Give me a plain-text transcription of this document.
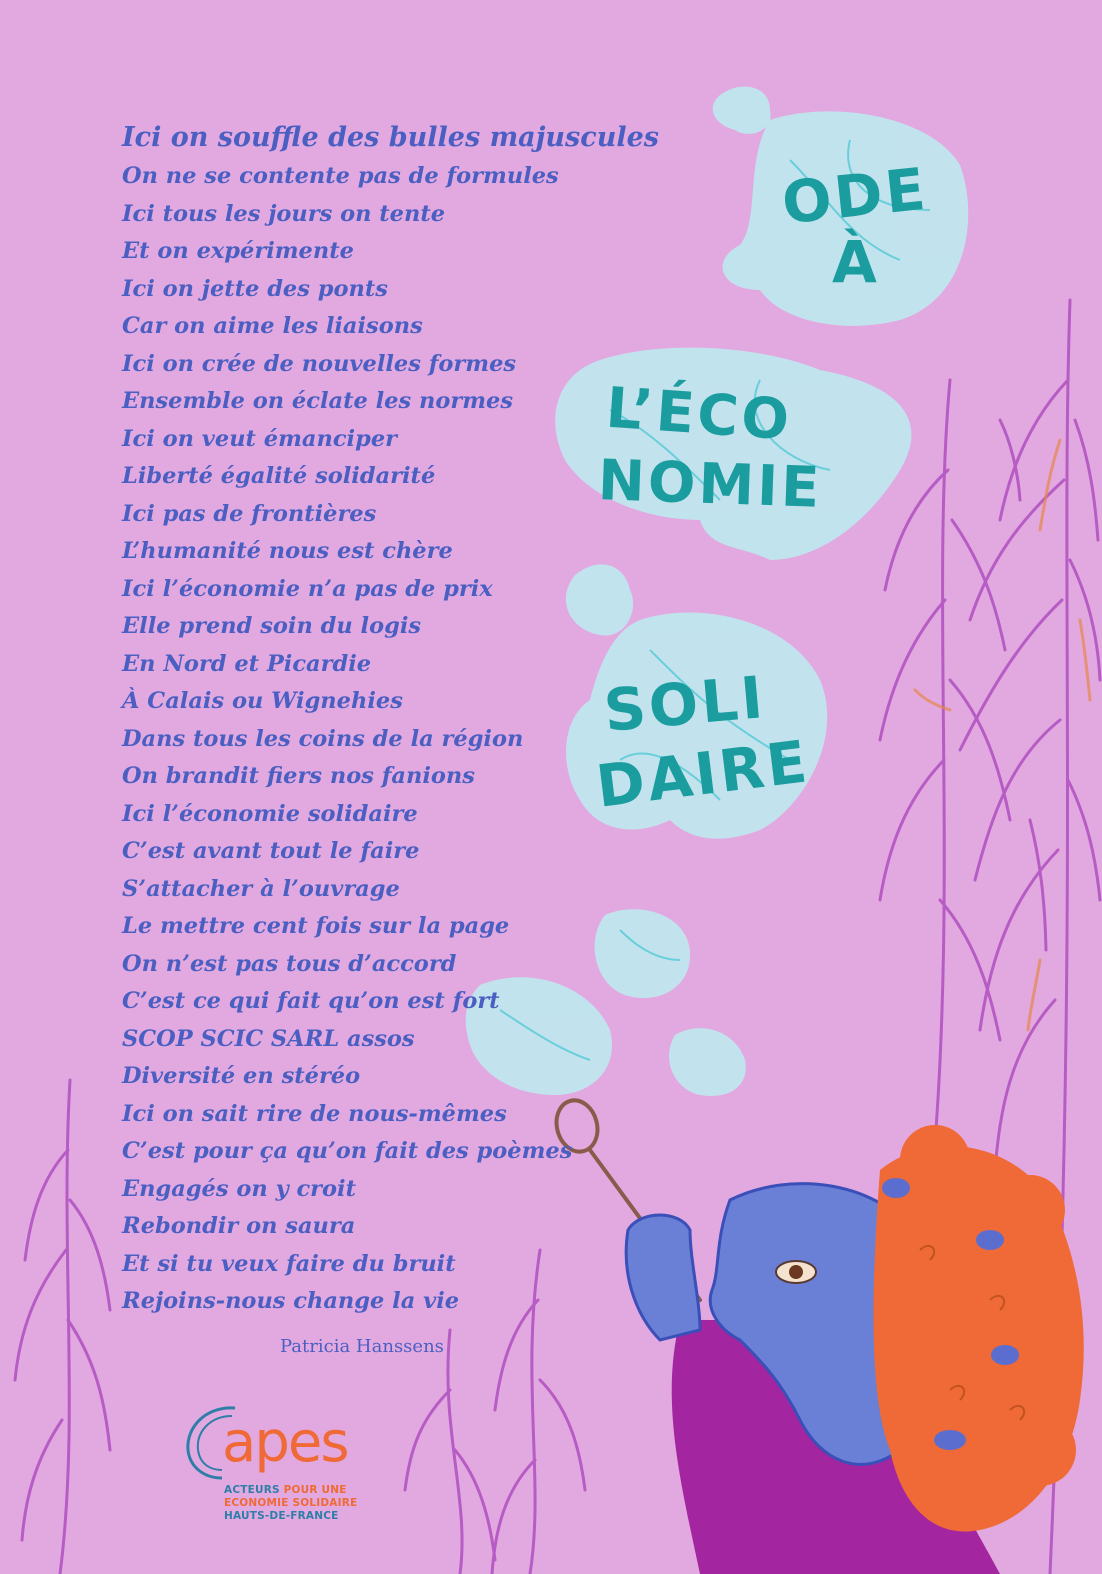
ODE
À
L’ÉCO
NOMIE
SOLI
DAIRE
Ici on souffle des bulles majuscules
On ne se contente pas de formules
Ici tous les jours on tente
Et on expérimente
Ici on jette des ponts
Car on aime les liaisons
Ici on crée de nouvelles formes
Ensemble on éclate les normes
Ici on veut émanciper
Liberté égalité solidarité
Ici pas de frontières
L’humanité nous est chère
Ici l’économie n’a pas de prix
Elle prend soin du logis
En Nord et Picardie
À Calais ou Wignehies
Dans tous les coins de la région
On brandit fiers nos fanions
Ici l’économie solidaire
C’est avant tout le faire
S’attacher à l’ouvrage
Le mettre cent fois sur la page
On n’est pas tous d’accord
C’est ce qui fait qu’on est fort
SCOP SCIC SARL assos
Diversité en stéréo
Ici on sait rire de nous-mêmes
C’est pour ça qu’on fait des poèmes
Engagés on y croit
Rebondir on saura
Et si tu veux faire du bruit
Rejoins-nous change la vie
Patricia Hanssens
apes
ACTEURS POUR UNE
ECONOMIE SOLIDAIRE
HAUTS-DE-FRANCE
